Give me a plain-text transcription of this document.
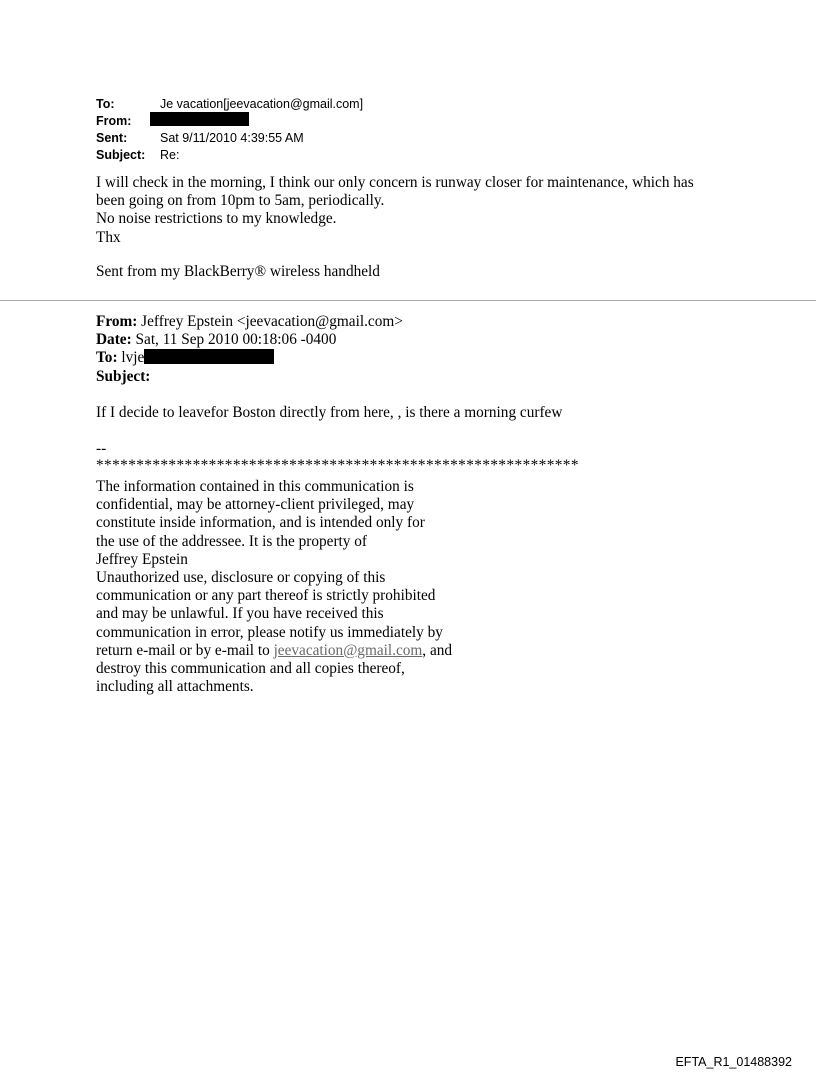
To:	Je vacation[jeevacation@gmail.com]
From:
Sent:	Sat 9/11/2010 4:39:55 AM
Subject:	Re:

I will check in the morning, I think our only concern is runway closer for maintenance, which has

been going on from 10pm to 5am, periodically.

No noise restrictions to my knowledge.

Thx

Sent from my BlackBerry® wireless handheld
From: Jeffrey Epstein <jeevacation@gmail.com>
Date: Sat, 11 Sep 2010 00:18:06 -0400
To: lvje
Subject:
If I decide to leavefor Boston directly from here, , is there a morning curfew
--
************************************************************
The information contained in this communication is
confidential, may be attorney-client privileged, may
constitute inside information, and is intended only for
the use of the addressee. It is the property of
Jeffrey Epstein
Unauthorized use, disclosure or copying of this
communication or any part thereof is strictly prohibited
and may be unlawful. If you have received this
communication in error, please notify us immediately by
return e-mail or by e-mail to jeevacation@gmail.com, and
destroy this communication and all copies thereof,
including all attachments.
EFTA_R1_01488392
